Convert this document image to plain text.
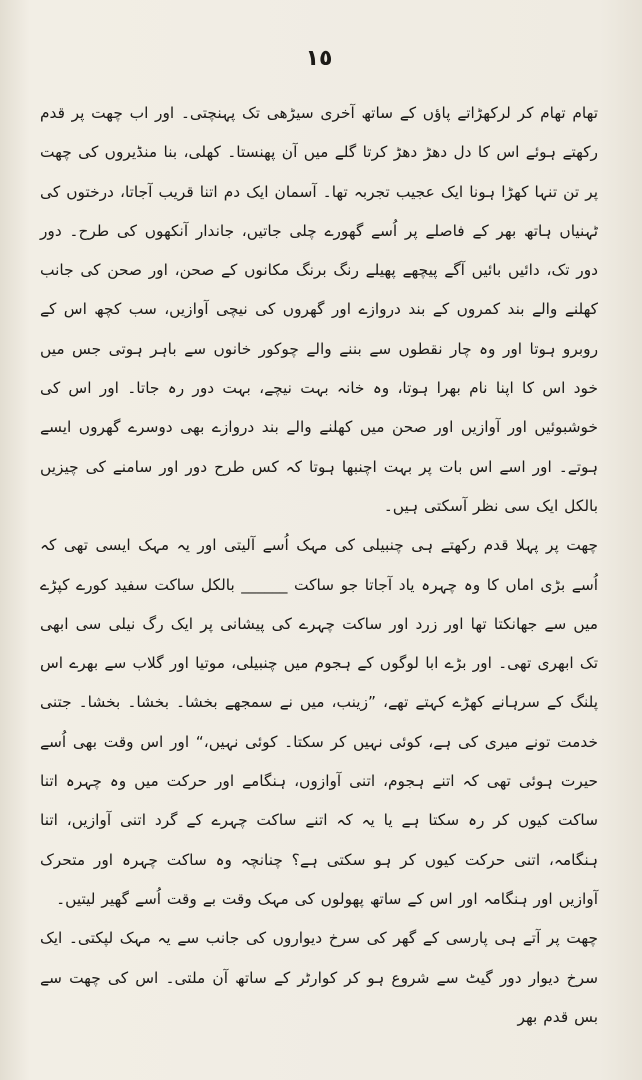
١٥

تھام تھام کر لرکھڑاتے پاؤں کے ساتھ آخری سیڑھی تک پہنچتی۔ اور اب چھت پر قدم رکھتے ہوئے اس کا دل دھڑ دھڑ کرتا گلے میں آن پھنستا۔ کھلی، بنا منڈیروں کی چھت پر تن تنہا کھڑا ہونا ایک عجیب تجربہ تھا۔ آسمان ایک دم اتنا قریب آجاتا، درختوں کی ٹہنیاں ہاتھ بھر کے فاصلے پر اُسے گھورے چلی جاتیں، جاندار آنکھوں کی طرح۔ دور دور تک، دائیں بائیں آگے پیچھے پھیلے رنگ برنگ مکانوں کے صحن، اور صحن کی جانب کھلنے والے بند کمروں کے بند دروازے اور گھروں کی نیچی آوازیں، سب کچھ اس کے روبرو ہوتا اور وہ چار نقطوں سے بننے والے چوکور خانوں سے باہر ہوتی جس میں خود اس کا اپنا نام بھرا ہوتا، وہ خانہ بہت نیچے، بہت دور رہ جاتا۔ اور اس کی خوشبوئیں اور آوازیں اور صحن میں کھلنے والے بند دروازے بھی دوسرے گھروں ایسے ہوتے۔ اور اسے اس بات پر بہت اچنبھا ہوتا کہ کس طرح دور اور سامنے کی چیزیں بالکل ایک سی نظر آسکتی ہیں۔

چھت پر پہلا قدم رکھتے ہی چنبیلی کی مہک اُسے آلیتی اور یہ مہک ایسی تھی کہ اُسے بڑی اماں کا وہ چہرہ یاد آجاتا جو ساکت ______ بالکل ساکت سفید کورے کپڑے میں سے جھانکتا تھا اور زرد اور ساکت چہرے کی پیشانی پر ایک رگ نیلی سی ابھی تک ابھری تھی۔ اور بڑے ابا لوگوں کے ہجوم میں چنبیلی، موتیا اور گلاب سے بھرے اس پلنگ کے سرہانے کھڑے کہتے تھے، ”زینب، میں نے سمجھے بخشا۔ بخشا۔ بخشا۔ جتنی خدمت تونے میری کی ہے، کوئی نہیں کر سکتا۔ کوئی نہیں،“ اور اس وقت بھی اُسے حیرت ہوئی تھی کہ اتنے ہجوم، اتنی آوازوں، ہنگامے اور حرکت میں وہ چہرہ اتنا ساکت کیوں کر رہ سکتا ہے یا یہ کہ اتنے ساکت چہرے کے گرد اتنی آوازیں، اتنا ہنگامہ، اتنی حرکت کیوں کر ہو سکتی ہے؟ چنانچہ وہ ساکت چہرہ اور متحرک آوازیں اور ہنگامہ اور اس کے ساتھ پھولوں کی مہک وقت بے وقت اُسے گھیر لیتیں۔

چھت پر آتے ہی پارسی کے گھر کی سرخ دیواروں کی جانب سے یہ مہک لپکتی۔ ایک سرخ دیوار دور گیٹ سے شروع ہو کر کوارٹر کے ساتھ آن ملتی۔ اس کی چھت سے بس قدم بھر
